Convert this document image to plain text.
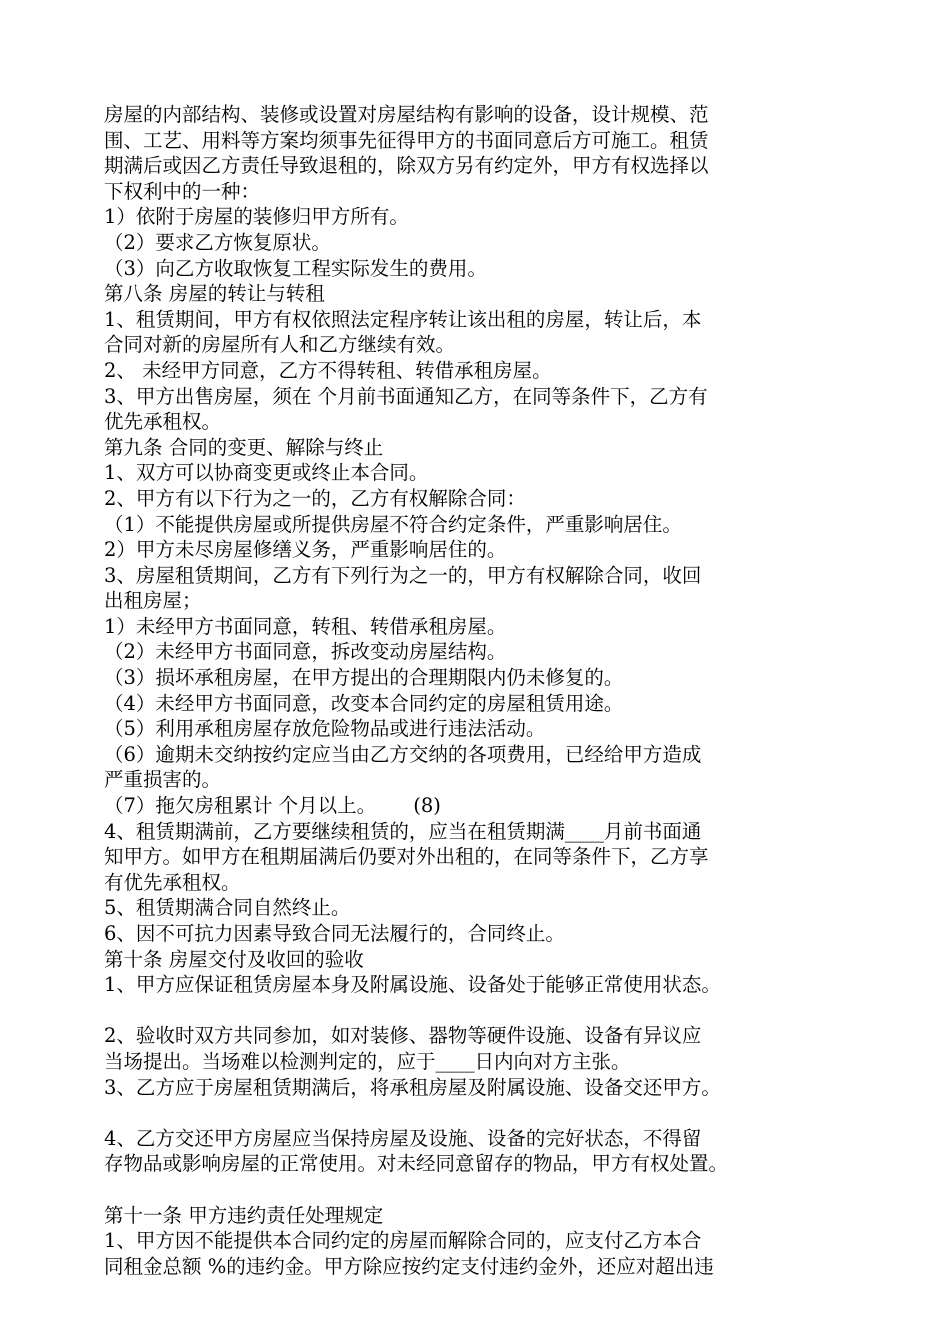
房屋的内部结构、装修或设置对房屋结构有影响的设备，设计规模、范
围、工艺、用料等方案均须事先征得甲方的书面同意后方可施工。租赁
期满后或因乙方责任导致退租的，除双方另有约定外，甲方有权选择以
下权利中的一种：
1）依附于房屋的装修归甲方所有。
（2）要求乙方恢复原状。
（3）向乙方收取恢复工程实际发生的费用。
第八条 房屋的转让与转租
1、租赁期间，甲方有权依照法定程序转让该出租的房屋，转让后，本
合同对新的房屋所有人和乙方继续有效。
2、 未经甲方同意，乙方不得转租、转借承租房屋。
3、甲方出售房屋，须在 个月前书面通知乙方，在同等条件下，乙方有
优先承租权。
第九条 合同的变更、解除与终止
1、双方可以协商变更或终止本合同。
2、甲方有以下行为之一的，乙方有权解除合同：
（1）不能提供房屋或所提供房屋不符合约定条件，严重影响居住。
2）甲方未尽房屋修缮义务，严重影响居住的。
3、房屋租赁期间，乙方有下列行为之一的，甲方有权解除合同，收回
出租房屋；
1）未经甲方书面同意，转租、转借承租房屋。
（2）未经甲方书面同意，拆改变动房屋结构。
（3）损坏承租房屋，在甲方提出的合理期限内仍未修复的。
（4）未经甲方书面同意，改变本合同约定的房屋租赁用途。
（5）利用承租房屋存放危险物品或进行违法活动。
（6）逾期未交纳按约定应当由乙方交纳的各项费用，已经给甲方造成
严重损害的。
（7）拖欠房租累计 个月以上。      (8)
4、租赁期满前，乙方要继续租赁的，应当在租赁期满____月前书面通
知甲方。如甲方在租期届满后仍要对外出租的，在同等条件下，乙方享
有优先承租权。
5、租赁期满合同自然终止。
6、因不可抗力因素导致合同无法履行的，合同终止。
第十条 房屋交付及收回的验收
1、甲方应保证租赁房屋本身及附属设施、设备处于能够正常使用状态。
2、验收时双方共同参加，如对装修、器物等硬件设施、设备有异议应
当场提出。当场难以检测判定的，应于____日内向对方主张。
3、乙方应于房屋租赁期满后，将承租房屋及附属设施、设备交还甲方。
4、乙方交还甲方房屋应当保持房屋及设施、设备的完好状态，不得留
存物品或影响房屋的正常使用。对未经同意留存的物品，甲方有权处置。
第十一条 甲方违约责任处理规定
1、甲方因不能提供本合同约定的房屋而解除合同的，应支付乙方本合
同租金总额 %的违约金。甲方除应按约定支付违约金外，还应对超出违
